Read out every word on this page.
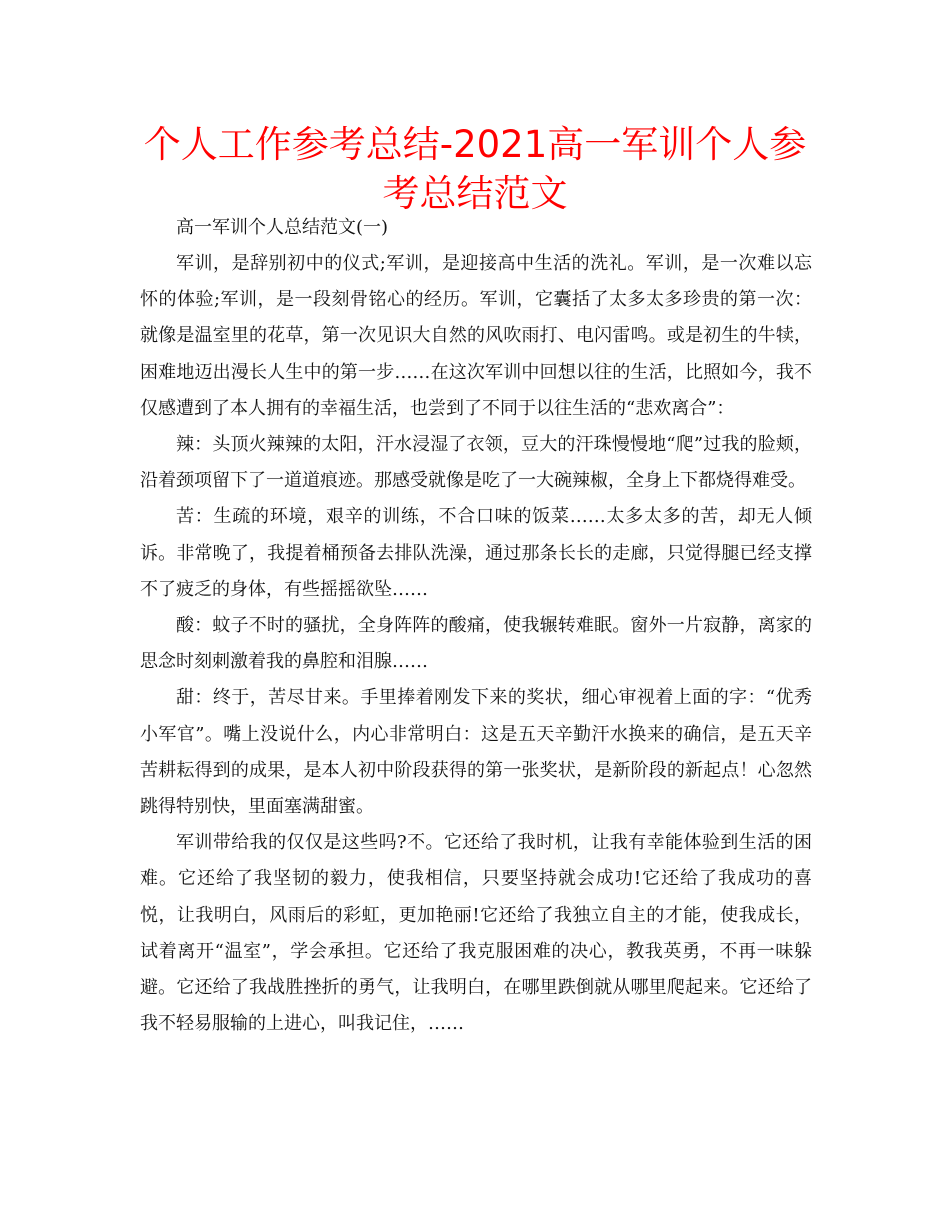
个人工作参考总结-2021高一军训个人参考总结范文

高一军训个人总结范文(一)

军训，是辞别初中的仪式;军训，是迎接高中生活的洗礼。军训，是一次难以忘怀的体验;军训，是一段刻骨铭心的经历。军训，它囊括了太多太多珍贵的第一次：就像是温室里的花草，第一次见识大自然的风吹雨打、电闪雷鸣。或是初生的牛犊，困难地迈出漫长人生中的第一步……在这次军训中回想以往的生活，比照如今，我不仅感遭到了本人拥有的幸福生活，也尝到了不同于以往生活的“悲欢离合”：

辣：头顶火辣辣的太阳，汗水浸湿了衣领，豆大的汗珠慢慢地“爬”过我的脸颊，沿着颈项留下了一道道痕迹。那感受就像是吃了一大碗辣椒，全身上下都烧得难受。

苦：生疏的环境，艰辛的训练，不合口味的饭菜……太多太多的苦，却无人倾诉。非常晚了，我提着桶预备去排队洗澡，通过那条长长的走廊，只觉得腿已经支撑不了疲乏的身体，有些摇摇欲坠……

酸：蚊子不时的骚扰，全身阵阵的酸痛，使我辗转难眠。窗外一片寂静，离家的思念时刻刺激着我的鼻腔和泪腺……

甜：终于，苦尽甘来。手里捧着刚发下来的奖状，细心审视着上面的字：“优秀小军官”。嘴上没说什么，内心非常明白：这是五天辛勤汗水换来的确信，是五天辛苦耕耘得到的成果，是本人初中阶段获得的第一张奖状，是新阶段的新起点！心忽然跳得特别快，里面塞满甜蜜。

军训带给我的仅仅是这些吗?不。它还给了我时机，让我有幸能体验到生活的困难。它还给了我坚韧的毅力，使我相信，只要坚持就会成功!它还给了我成功的喜悦，让我明白，风雨后的彩虹，更加艳丽!它还给了我独立自主的才能，使我成长，试着离开“温室”，学会承担。它还给了我克服困难的决心，教我英勇，不再一味躲避。它还给了我战胜挫折的勇气，让我明白，在哪里跌倒就从哪里爬起来。它还给了我不轻易服输的上进心，叫我记住，……
